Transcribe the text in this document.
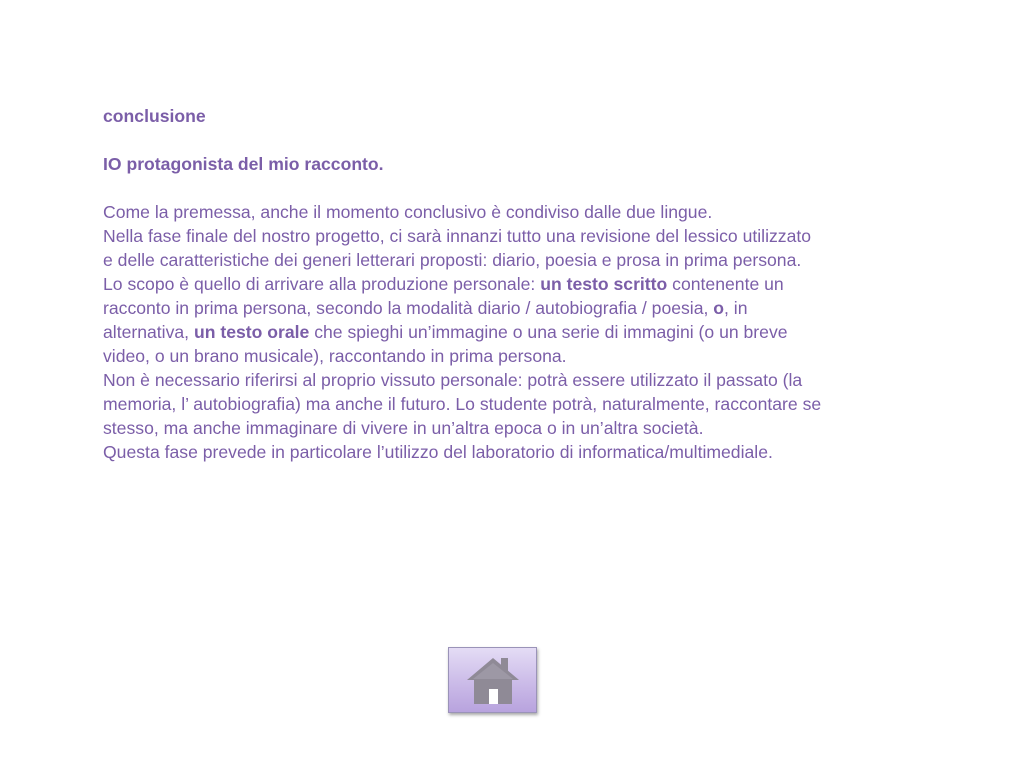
conclusione

IO protagonista del mio racconto.

Come la premessa, anche il momento conclusivo è condiviso dalle due lingue.

Nella fase finale del nostro progetto, ci sarà innanzi tutto una revisione del lessico utilizzato

e delle caratteristiche dei generi letterari proposti: diario, poesia e prosa in prima persona.

Lo scopo è quello di arrivare alla produzione personale: un testo scritto contenente un

racconto in prima persona, secondo la modalità diario / autobiografia / poesia, o, in

alternativa, un testo orale che spieghi un’immagine o una serie di immagini (o un breve

video, o un brano musicale), raccontando in prima persona.

Non è necessario riferirsi al proprio vissuto personale: potrà essere utilizzato il passato (la

memoria, l’ autobiografia) ma anche il futuro. Lo studente potrà, naturalmente, raccontare se

stesso, ma anche immaginare di vivere in un’altra epoca o in un’altra società.

Questa fase prevede in particolare l’utilizzo del laboratorio di informatica/multimediale.
